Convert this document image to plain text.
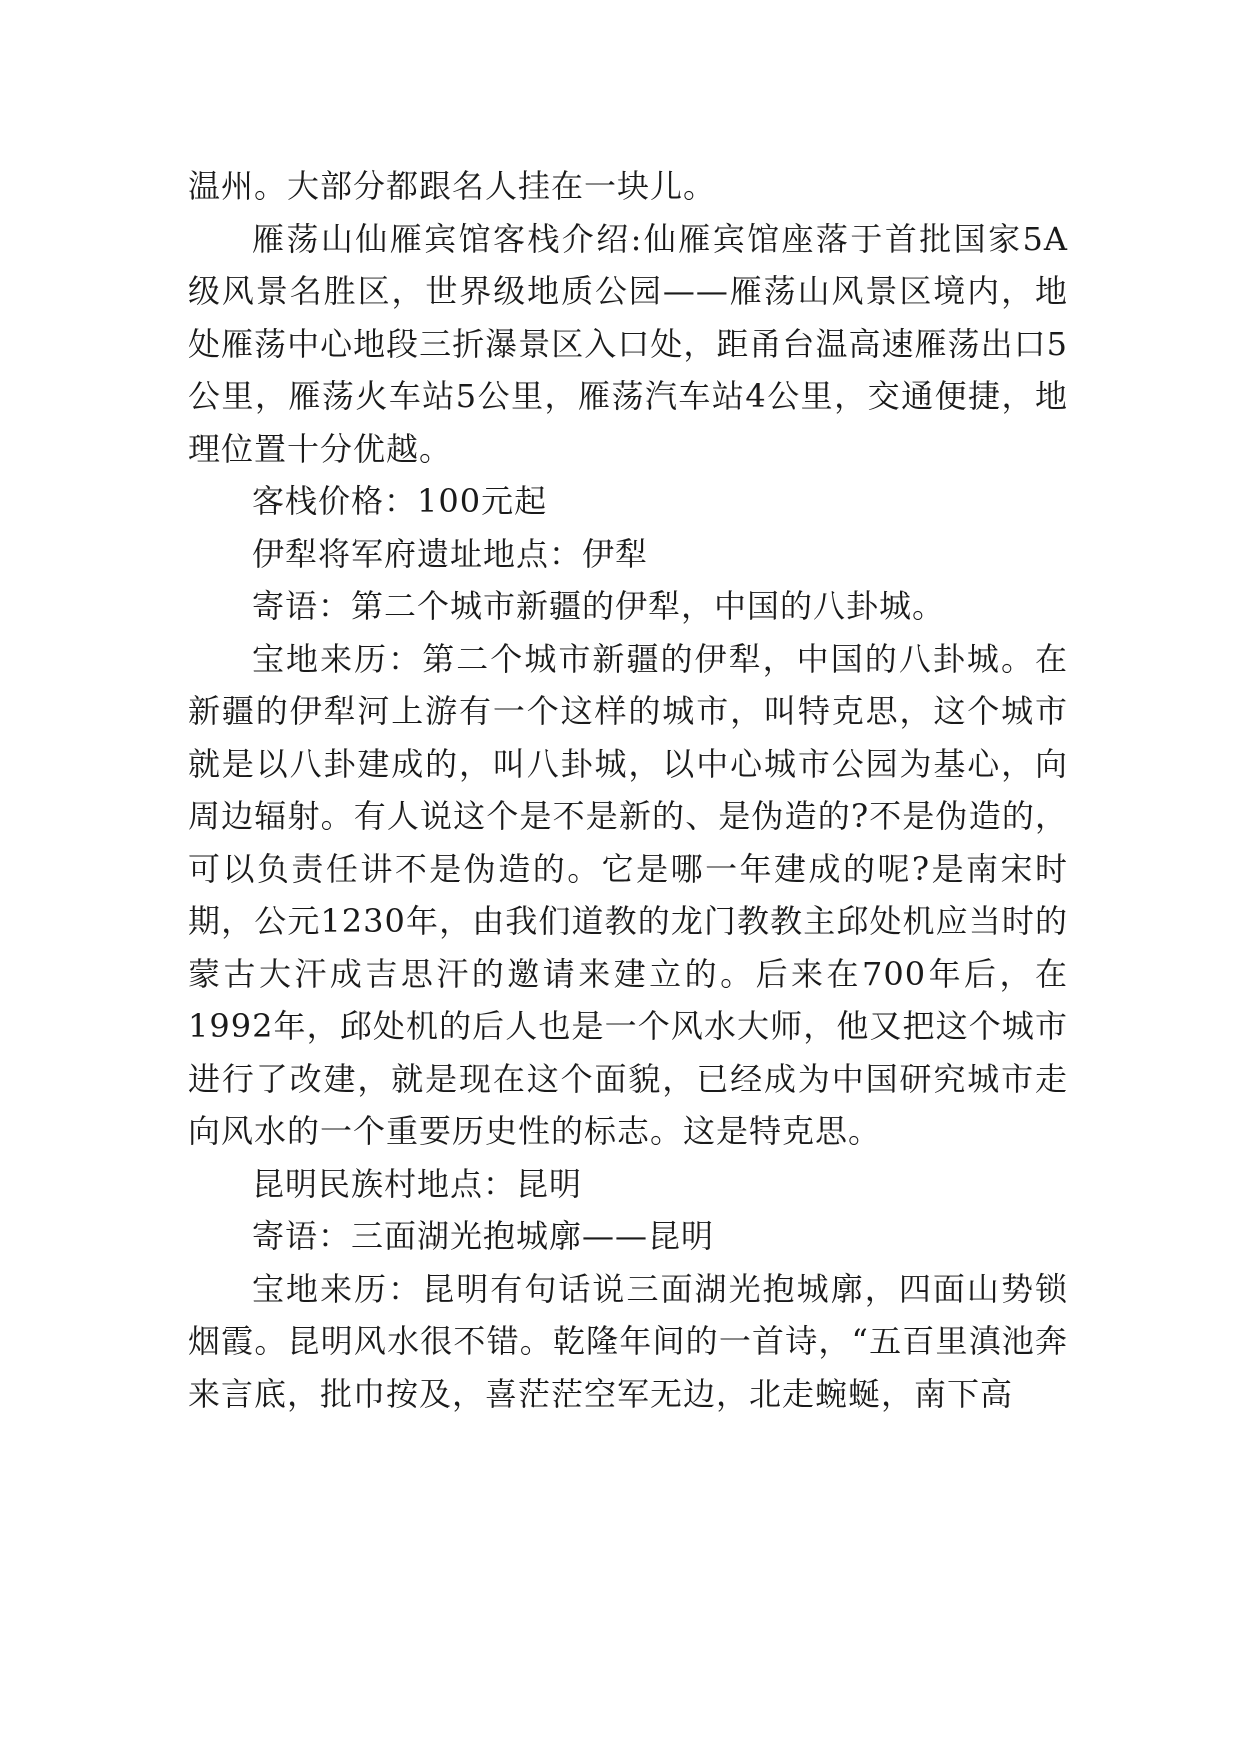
温州。大部分都跟名人挂在一块儿。

雁荡山仙雁宾馆客栈介绍:仙雁宾馆座落于首批国家5A级风景名胜区，世界级地质公园——雁荡山风景区境内，地处雁荡中心地段三折瀑景区入口处，距甬台温高速雁荡出口5公里，雁荡火车站5公里，雁荡汽车站4公里，交通便捷，地理位置十分优越。

客栈价格：100元起

伊犁将军府遗址地点：伊犁

寄语：第二个城市新疆的伊犁，中国的八卦城。

宝地来历：第二个城市新疆的伊犁，中国的八卦城。在新疆的伊犁河上游有一个这样的城市，叫特克思，这个城市就是以八卦建成的，叫八卦城，以中心城市公园为基心，向周边辐射。有人说这个是不是新的、是伪造的?不是伪造的，可以负责任讲不是伪造的。它是哪一年建成的呢?是南宋时期，公元1230年，由我们道教的龙门教教主邱处机应当时的蒙古大汗成吉思汗的邀请来建立的。后来在700年后，在1992年，邱处机的后人也是一个风水大师，他又把这个城市进行了改建，就是现在这个面貌，已经成为中国研究城市走向风水的一个重要历史性的标志。这是特克思。

昆明民族村地点：昆明

寄语：三面湖光抱城廓——昆明

宝地来历：昆明有句话说三面湖光抱城廓，四面山势锁烟霞。昆明风水很不错。乾隆年间的一首诗，“五百里滇池奔来言底，批巾按及，喜茫茫空军无边，北走蜿蜒，南下高
